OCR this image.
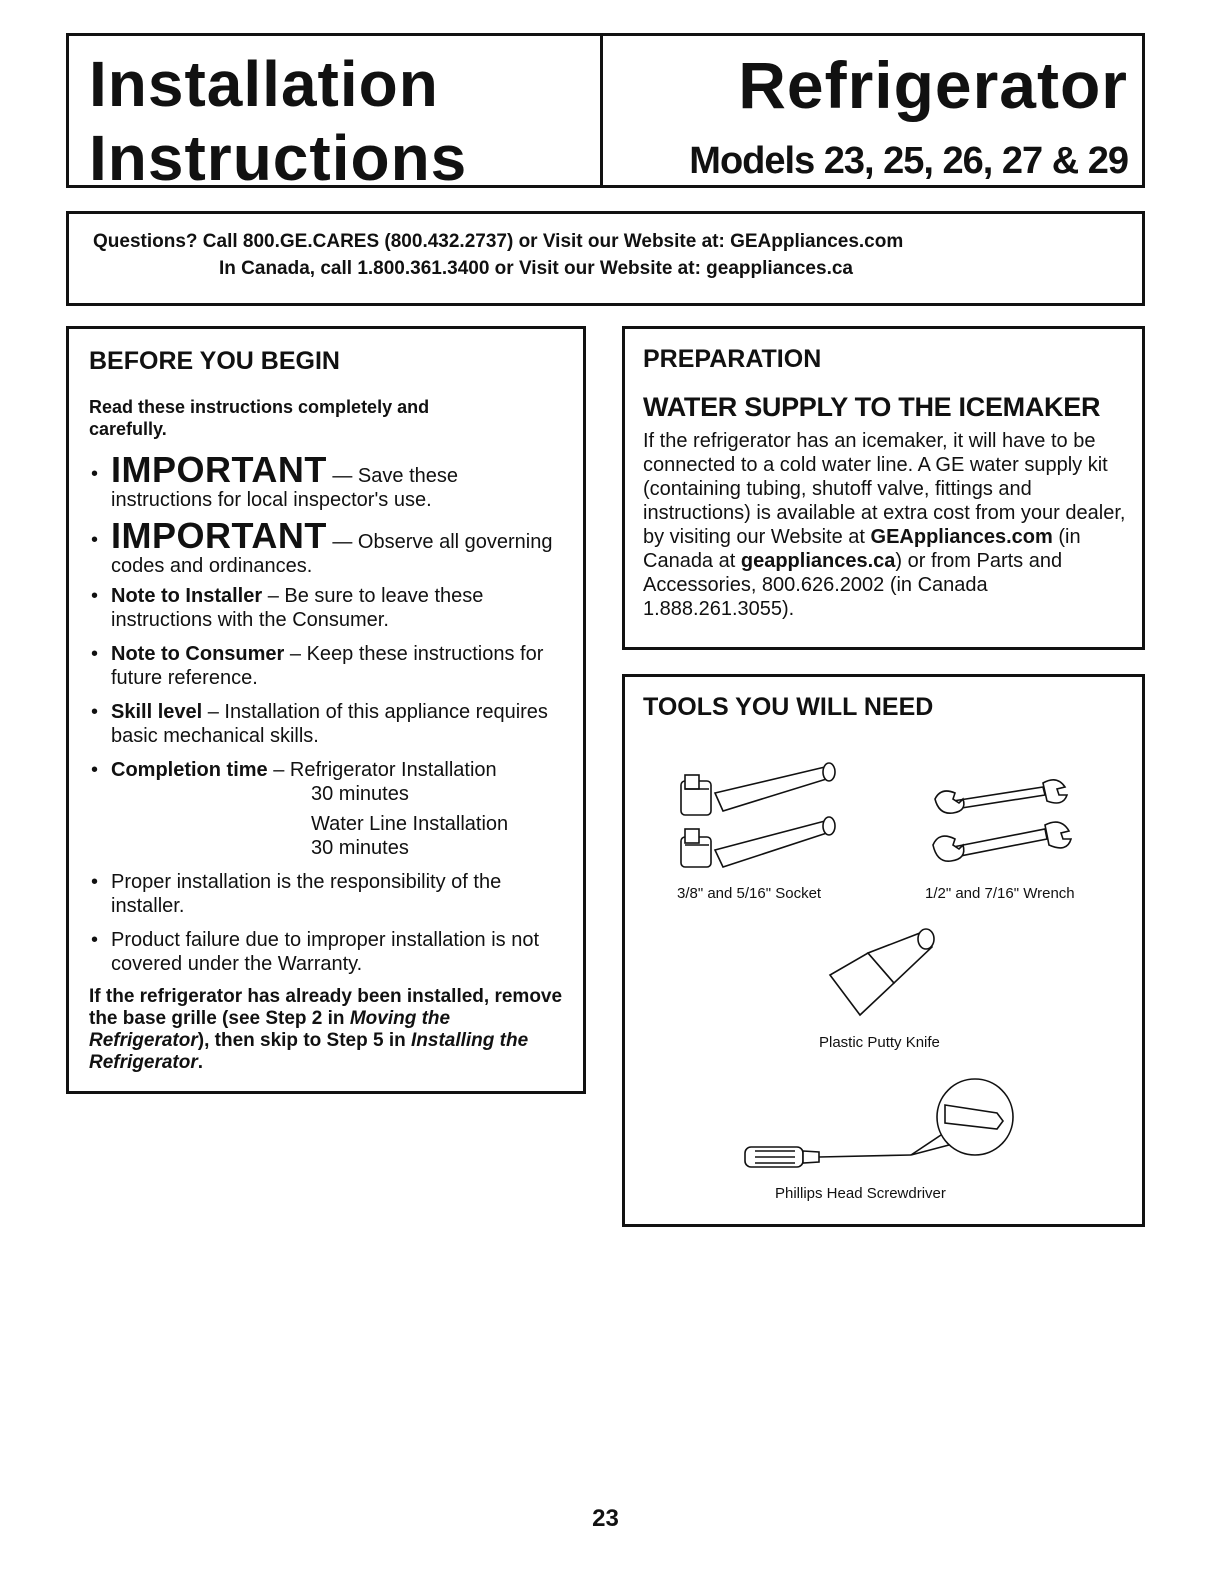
Installation
Instructions
Refrigerator
Models 23, 25, 26, 27 & 29
Questions? Call 800.GE.CARES (800.432.2737) or Visit our Website at: GEAppliances.com
In Canada, call 1.800.361.3400 or Visit our Website at: geappliances.ca
BEFORE YOU BEGIN
Read these instructions completely and carefully.
• IMPORTANT — Save these instructions for local inspector's use.
• IMPORTANT — Observe all governing codes and ordinances.
• Note to Installer – Be sure to leave these instructions with the Consumer.
• Note to Consumer – Keep these instructions for future reference.
• Skill level – Installation of this appliance requires basic mechanical skills.
• Completion time – Refrigerator Installation
30 minutes
Water Line Installation
30 minutes
• Proper installation is the responsibility of the installer.
• Product failure due to improper installation is not covered under the Warranty.
If the refrigerator has already been installed, remove the base grille (see Step 2 in Moving the Refrigerator), then skip to Step 5 in Installing the Refrigerator.
PREPARATION
WATER SUPPLY TO THE ICEMAKER

If the refrigerator has an icemaker, it will have to be connected to a cold water line. A GE water supply kit (containing tubing, shutoff valve, fittings and instructions) is available at extra cost from your dealer, by visiting our Website at GEAppliances.com (in Canada at geappliances.ca) or from Parts and Accessories, 800.626.2002 (in Canada 1.888.261.3055).

TOOLS YOU WILL NEED
3/8" and 5/16" Socket	1/2" and 7/16" Wrench
Plastic Putty Knife
Phillips Head Screwdriver
23
